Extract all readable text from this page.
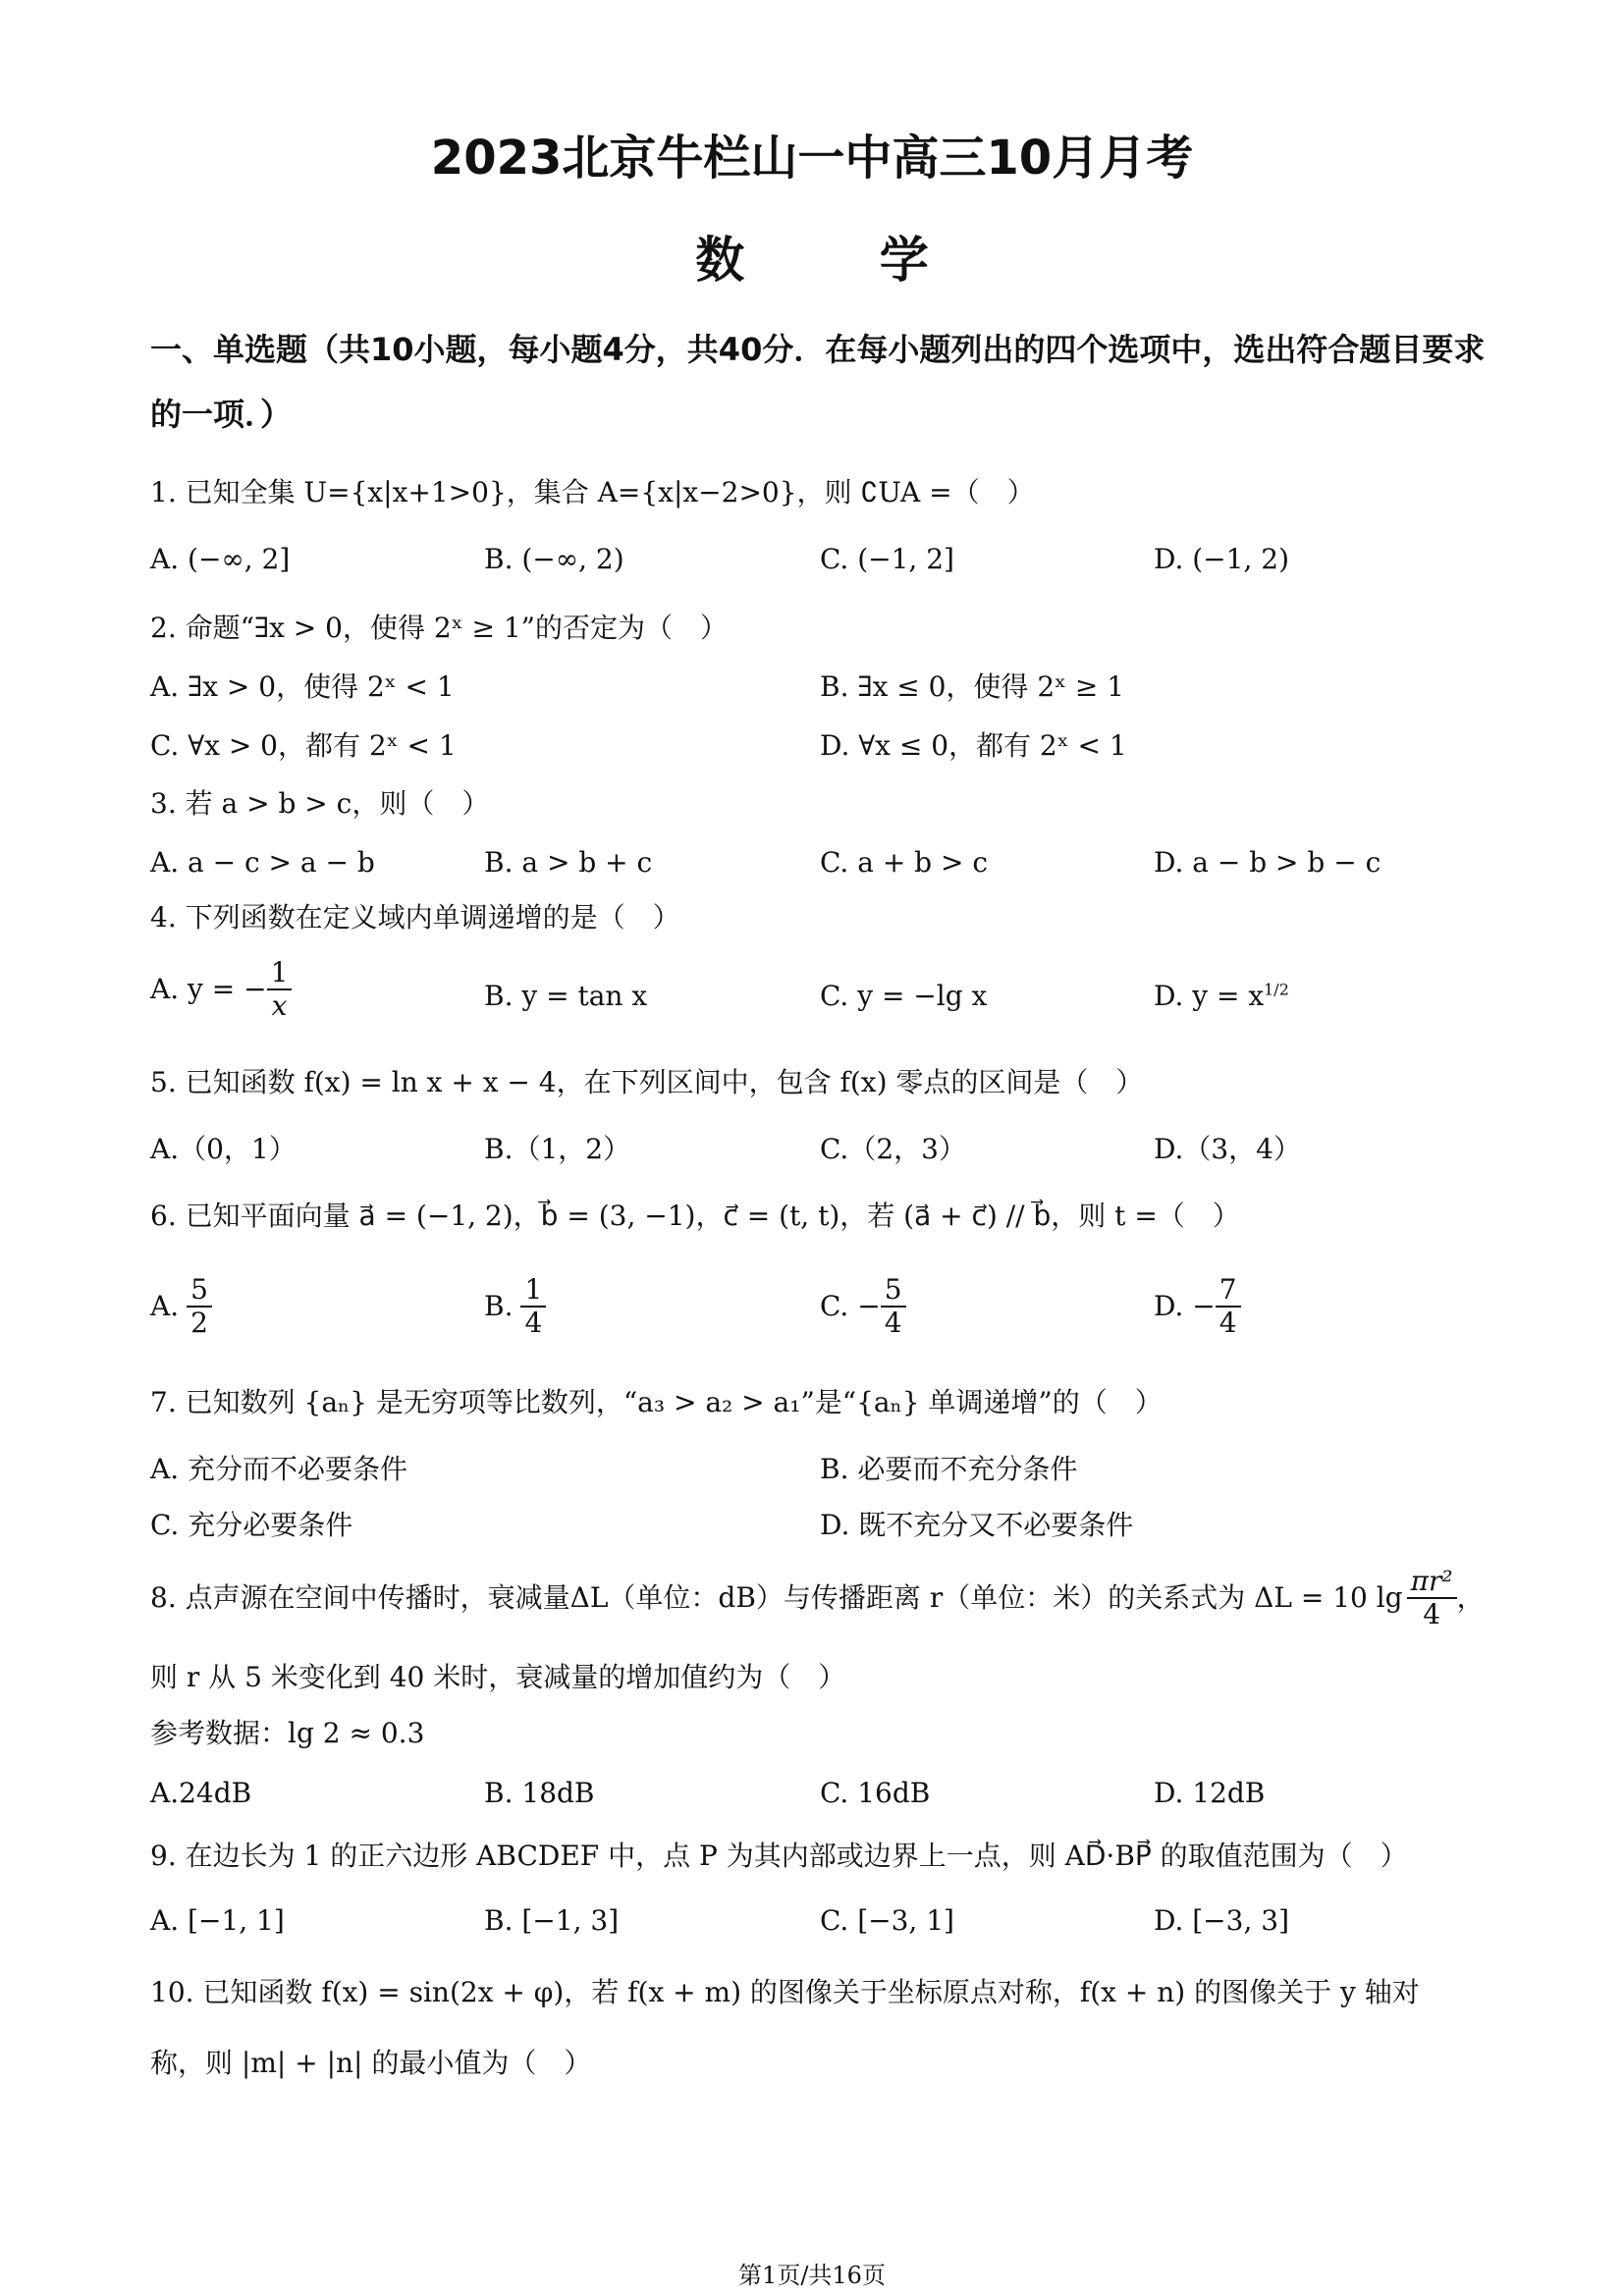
2023北京牛栏山一中高三10月月考
数 学
一、单选题（共10小题，每小题4分，共40分．在每小题列出的四个选项中，选出符合题目要求的一项．）
1. 已知全集 U={x|x+1>0}，集合 A={x|x−2>0}，则 ∁UA =（　）
A. (−∞, 2]	B. (−∞, 2)	C. (−1, 2]	D. (−1, 2)
2. 命题“∃x > 0，使得 2ˣ ≥ 1”的否定为（　）
A. ∃x > 0，使得 2ˣ < 1	B. ∃x ≤ 0，使得 2ˣ ≥ 1
C. ∀x > 0，都有 2ˣ < 1	D. ∀x ≤ 0，都有 2ˣ < 1
3. 若 a > b > c，则（　）
A. a − c > a − b	B. a > b + c	C. a + b > c	D. a − b > b − c
4. 下列函数在定义域内单调递增的是（　）
A. y = − $\frac{1}{x}$	B. y = tan x	C. y = −lg x	D. $y = x^{1/2}$
5. 已知函数 f(x) = ln x + x − 4，在下列区间中，包含 f(x) 零点的区间是（　）
A.（0，1）	B.（1，2）	C.（2，3）	D.（3，4）
6. 已知平面向量 a⃗ = (−1, 2)，b⃗ = (3, −1)，c⃗ = (t, t)，若 (a⃗ + c⃗) // b⃗，则 t =（　）
A. $\frac{5}{2}$	B. $\frac{1}{4}$	C. − $\frac{5}{4}$	D. − $\frac{7}{4}$
7. 已知数列 {aₙ} 是无穷项等比数列，“a₃ > a₂ > a₁”是“{aₙ} 单调递增”的（　）
A. 充分而不必要条件	B. 必要而不充分条件
C. 充分必要条件	D. 既不充分又不必要条件
8. 点声源在空间中传播时，衰减量ΔL（单位：dB）与传播距离 r（单位：米）的关系式为 ΔL = 10 $\lg \frac{\text{πr²}}{4}$ ，
则 r 从 5 米变化到 40 米时，衰减量的增加值约为（　）
参考数据：lg 2 ≈ 0.3
A.24dB	B. 18dB	C. 16dB	D. 12dB
9. 在边长为 1 的正六边形 ABCDEF 中，点 P 为其内部或边界上一点，则 AD⃗·BP⃗ 的取值范围为（　）
A. [−1, 1]	B. [−1, 3]	C. [−3, 1]	D. [−3, 3]
10. 已知函数 f(x) = sin(2x + φ)，若 f(x + m) 的图像关于坐标原点对称，f(x + n) 的图像关于 y 轴对
称，则 |m| + |n| 的最小值为（　）
第1页/共16页
